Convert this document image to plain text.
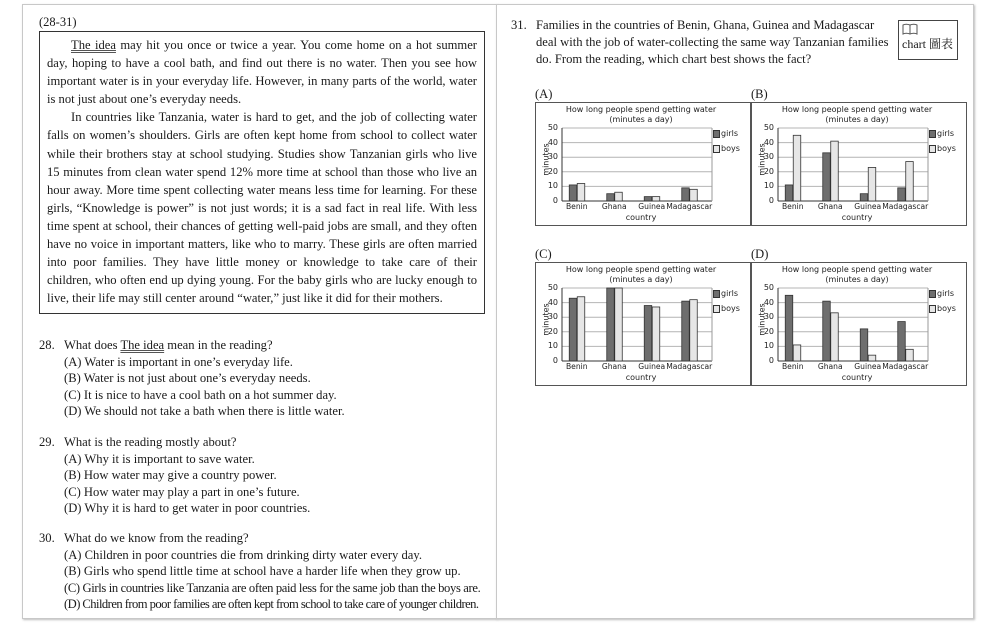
(28-31)

The idea may hit you once or twice a year. You come home on a hot summer day, hoping to have a cool bath, and find out there is no water. Then you see how important water is in your everyday life. However, in many parts of the world, water is not just about one’s everyday needs.

In countries like Tanzania, water is hard to get, and the job of collecting water falls on women’s shoulders. Girls are often kept home from school to collect water while their brothers stay at school studying. Studies show Tanzanian girls who live 15 minutes from clean water spend 12% more time at school than those who live an hour away. More time spent collecting water means less time for learning. For these girls, “Knowledge is power” is not just words; it is a sad fact in real life. With less time spent at school, their chances of getting well-paid jobs are small, and they often have no voice in important matters, like who to marry. These girls are often married into poor families. They have little money or knowledge to take care of their children, who often end up dying young. For the baby girls who are lucky enough to live, their life may still center around “water,” just like it did for their mothers.

28. What does The idea mean in the reading?
(A) Water is important in one’s everyday life.
(B) Water is not just about one’s everyday needs.
(C) It is nice to have a cool bath on a hot summer day.
(D) We should not take a bath when there is little water.
29. What is the reading mostly about?
(A) Why it is important to save water.
(B) How water may give a country power.
(C) How water may play a part in one’s future.
(D) Why it is hard to get water in poor countries.
30. What do we know from the reading?
(A) Children in poor countries die from drinking dirty water every day.
(B) Girls who spend little time at school have a harder life when they grow up.
(C) Girls in countries like Tanzania are often paid less for the same job than the boys are.
(D) Children from poor families are often kept from school to take care of younger children.
31. Families in the countries of Benin, Ghana, Guinea and Madagascar deal with the job of water-collecting the same way Tanzanian families do. From the reading, which chart best shows the fact?
chart 圖表
(A)
How long people spend getting water
(minutes a day)
0
10
20
30
40
50
minutes
Benin	Ghana	Guinea Madagascar
country
girls
boys
(B)
How long people spend getting water
(minutes a day)
0
10
20
30
40
50
minutes
Benin	Ghana	Guinea Madagascar
country
girls
boys
(C)
How long people spend getting water
(minutes a day)
0
10
20
30
40
50
minutes
Benin	Ghana	Guinea Madagascar
country
girls
boys
(D)
How long people spend getting water
(minutes a day)
0
10
20
30
40
50
minutes
Benin	Ghana	Guinea Madagascar
country
girls
boys
